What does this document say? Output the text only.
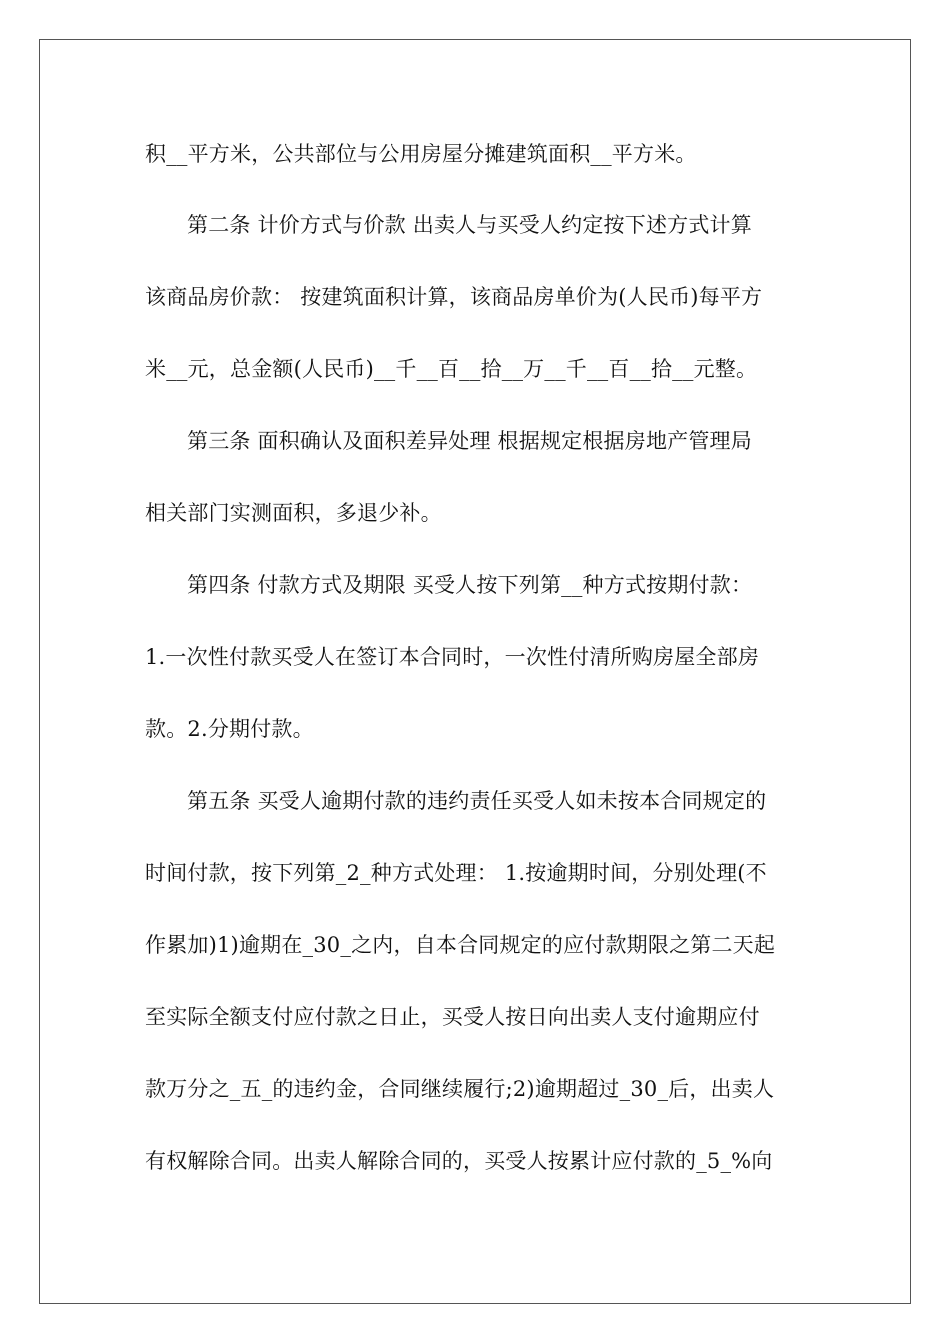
积__平方米，公共部位与公用房屋分摊建筑面积__平方米。
第二条 计价方式与价款 出卖人与买受人约定按下述方式计算
该商品房价款： 按建筑面积计算，该商品房单价为(人民币)每平方
米__元，总金额(人民币)__千__百__拾__万__千__百__拾__元整。
第三条 面积确认及面积差异处理 根据规定根据房地产管理局
相关部门实测面积，多退少补。
第四条 付款方式及期限 买受人按下列第__种方式按期付款：
1.一次性付款买受人在签订本合同时，一次性付清所购房屋全部房
款。2.分期付款。
第五条 买受人逾期付款的违约责任买受人如未按本合同规定的
时间付款，按下列第_2_种方式处理： 1.按逾期时间，分别处理(不
作累加)1)逾期在_30_之内，自本合同规定的应付款期限之第二天起
至实际全额支付应付款之日止，买受人按日向出卖人支付逾期应付
款万分之_五_的违约金，合同继续履行;2)逾期超过_30_后，出卖人
有权解除合同。出卖人解除合同的，买受人按累计应付款的_5_%向
